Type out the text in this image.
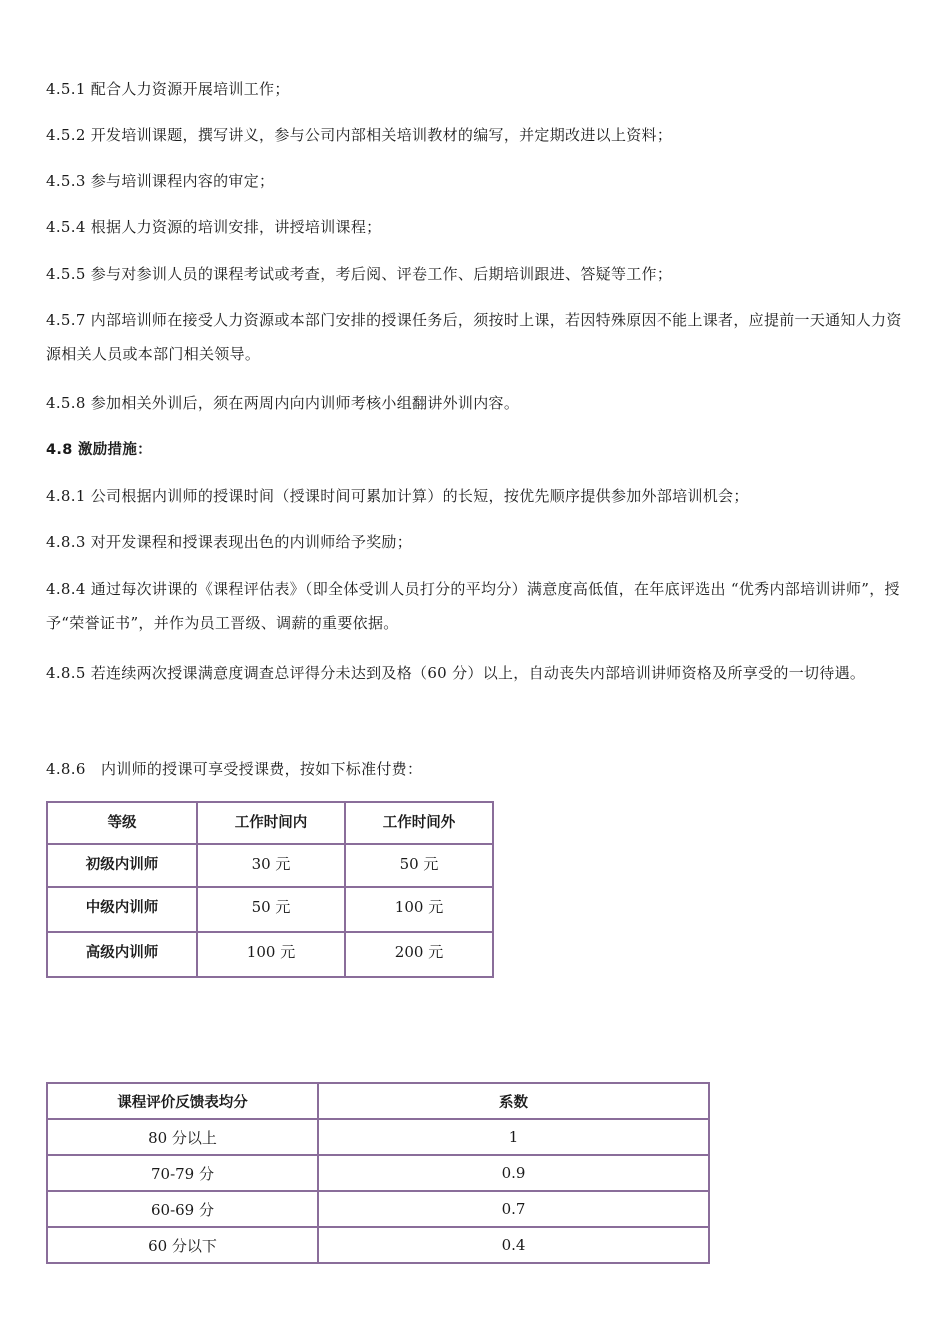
4.5.1 配合人力资源开展培训工作；

4.5.2 开发培训课题，撰写讲义，参与公司内部相关培训教材的编写，并定期改进以上资料；

4.5.3 参与培训课程内容的审定；

4.5.4 根据人力资源的培训安排，讲授培训课程；

4.5.5 参与对参训人员的课程考试或考查，考后阅、评卷工作、后期培训跟进、答疑等工作；

4.5.7 内部培训师在接受人力资源或本部门安排的授课任务后，须按时上课，若因特殊原因不能上课者，应提前一天通知人力资源相关人员或本部门相关领导。

4.5.8 参加相关外训后，须在两周内向内训师考核小组翻讲外训内容。

4.8 激励措施：

4.8.1 公司根据内训师的授课时间（授课时间可累加计算）的长短，按优先顺序提供参加外部培训机会；

4.8.3 对开发课程和授课表现出色的内训师给予奖励；

4.8.4 通过每次讲课的《课程评估表》（即全体受训人员打分的平均分）满意度高低值，在年底评选出 “优秀内部培训讲师”，授予“荣誉证书”，并作为员工晋级、调薪的重要依据。

4.8.5 若连续两次授课满意度调查总评得分未达到及格（60 分）以上，自动丧失内部培训讲师资格及所享受的一切待遇。

4.8.6　内训师的授课可享受授课费，按如下标准付费：

等级	工作时间内	工作时间外
初级内训师	30 元	50 元
中级内训师	50 元	100 元
高级内训师	100 元	200 元
课程评价反馈表均分	系数
80 分以上	1
70-79 分	0.9
60-69 分	0.7
60 分以下	0.4
